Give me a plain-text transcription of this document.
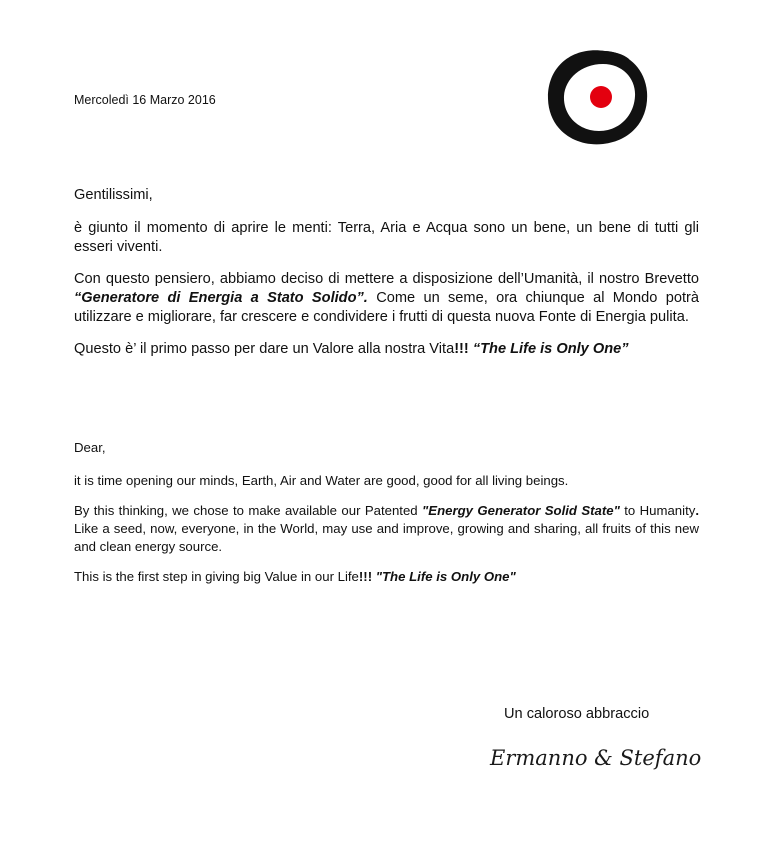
Mercoledì 16 Marzo 2016

Gentilissimi,

è giunto il momento di aprire le menti: Terra, Aria e Acqua sono un bene, un bene di tutti gli esseri viventi.

Con questo pensiero, abbiamo deciso di mettere a disposizione dell’Umanità, il nostro Brevetto “Generatore di Energia a Stato Solido”. Come un seme, ora chiunque al Mondo potrà utilizzare e migliorare, far crescere e condividere i frutti di questa nuova Fonte di Energia pulita.

Questo è’ il primo passo per dare un Valore alla nostra Vita!!! “The Life is Only One”

Dear,

it is time opening our minds, Earth, Air and Water are good, good for all living beings.

By this thinking, we chose to make available our Patented "Energy Generator Solid State" to Humanity. Like a seed, now, everyone, in the World, may use and improve, growing and sharing, all fruits of this new and clean energy source.

This is the first step in giving big Value in our Life!!! "The Life is Only One"

Un caloroso abbraccio
Ermanno & Stefano
